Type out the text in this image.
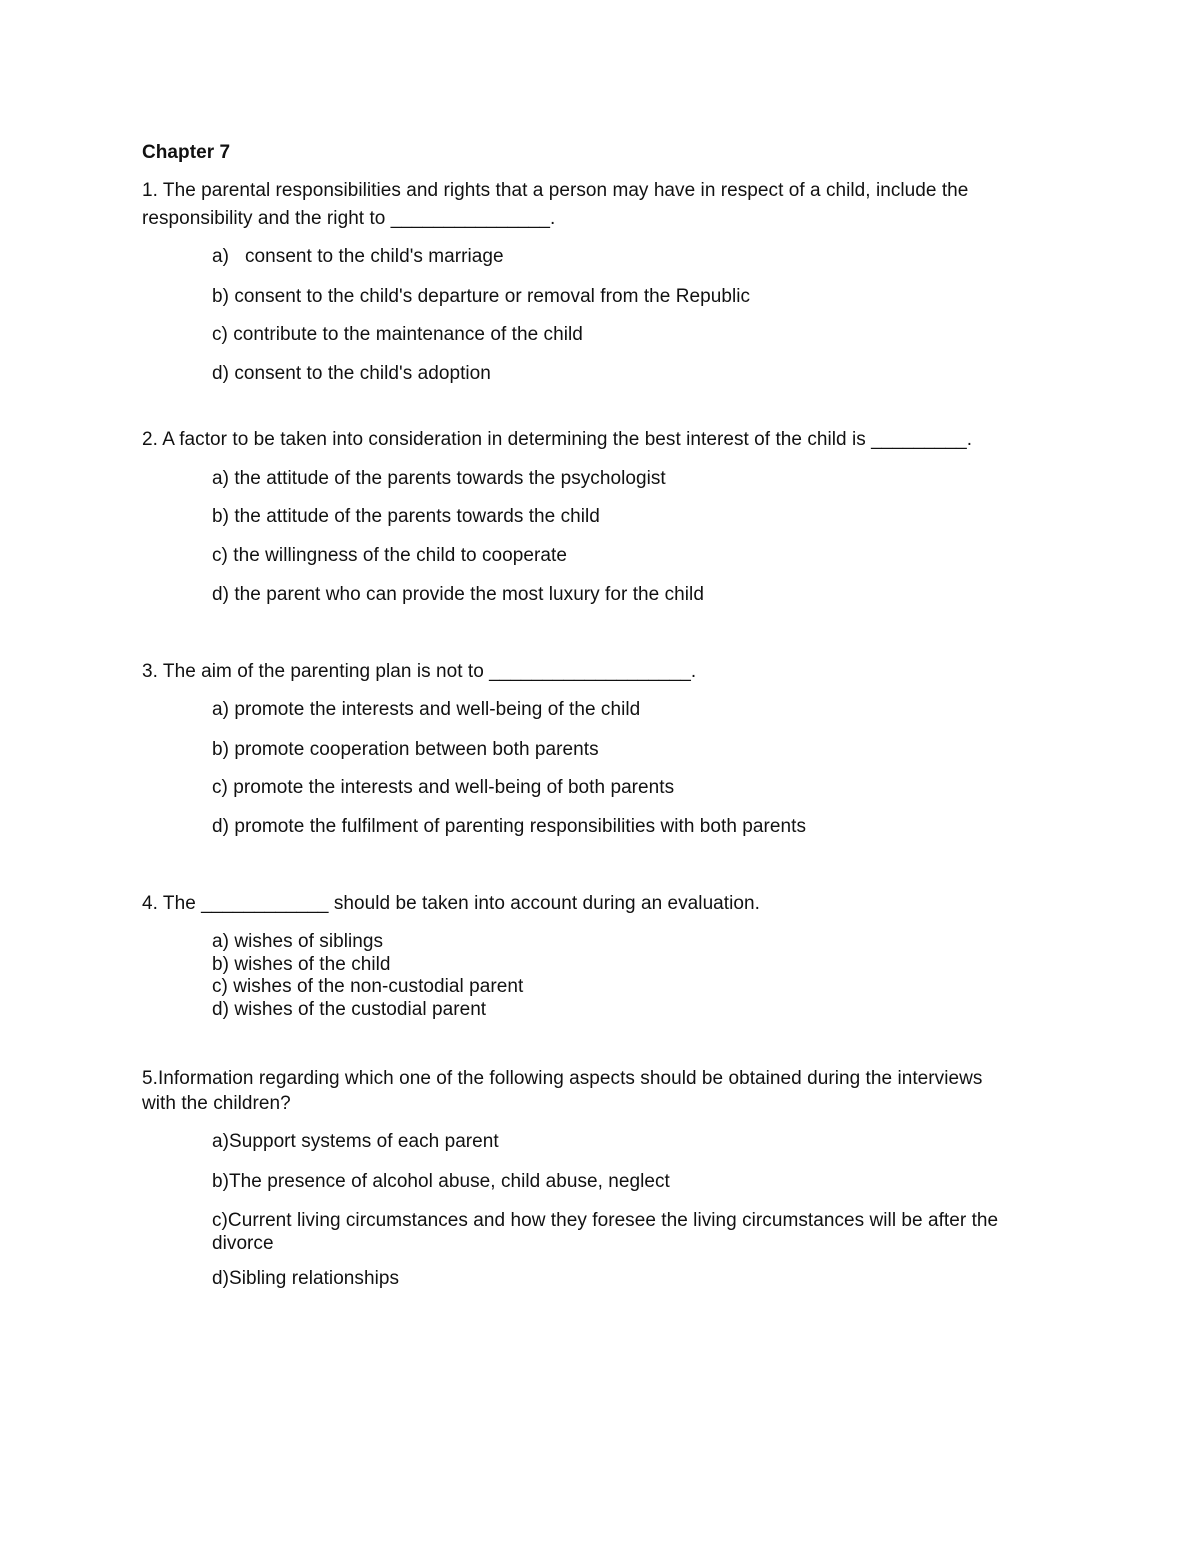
Chapter 7
1. The parental responsibilities and rights that a person may have in respect of a child, include the
responsibility and the right to _______________.
a)   consent to the child's marriage
b) consent to the child's departure or removal from the Republic
c) contribute to the maintenance of the child
d) consent to the child's adoption
2. A factor to be taken into consideration in determining the best interest of the child is _________.
a) the attitude of the parents towards the psychologist
b) the attitude of the parents towards the child
c) the willingness of the child to cooperate
d) the parent who can provide the most luxury for the child
3. The aim of the parenting plan is not to ___________________.
a) promote the interests and well-being of the child
b) promote cooperation between both parents
c) promote the interests and well-being of both parents
d) promote the fulfilment of parenting responsibilities with both parents
4. The ____________ should be taken into account during an evaluation.
a) wishes of siblings
b) wishes of the child
c) wishes of the non-custodial parent
d) wishes of the custodial parent
5.Information regarding which one of the following aspects should be obtained during the interviews
with the children?
a)Support systems of each parent
b)The presence of alcohol abuse, child abuse, neglect
c)Current living circumstances and how they foresee the living circumstances will be after the
divorce
d)Sibling relationships
